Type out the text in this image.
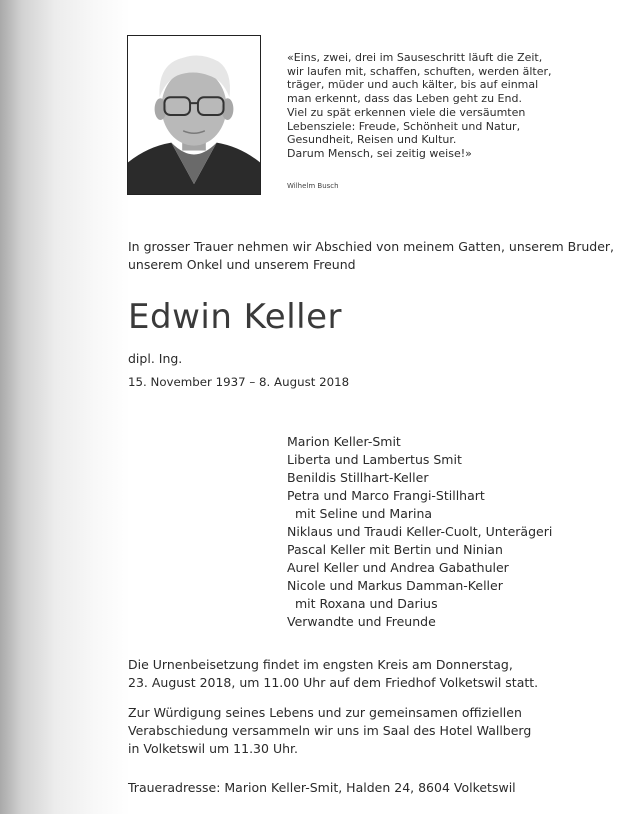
«Eins, zwei, drei im Sauseschritt läuft die Zeit,
wir laufen mit, schaffen, schuften, werden älter,
träger, müder und auch kälter, bis auf einmal
man erkennt, dass das Leben geht zu End.
Viel zu spät erkennen viele die versäumten
Lebensziele: Freude, Schönheit und Natur,
Gesundheit, Reisen und Kultur.
Darum Mensch, sei zeitig weise!»
Wilhelm Busch
In grosser Trauer nehmen wir Abschied von meinem Gatten, unserem Bruder,
unserem Onkel und unserem Freund
Edwin Keller
dipl. Ing.
15. November 1937 – 8. August 2018
Marion Keller-Smit
Liberta und Lambertus Smit
Benildis Stillhart-Keller
Petra und Marco Frangi-Stillhart
mit Seline und Marina
Niklaus und Traudi Keller-Cuolt, Unterägeri
Pascal Keller mit Bertin und Ninian
Aurel Keller und Andrea Gabathuler
Nicole und Markus Damman-Keller
mit Roxana und Darius
Verwandte und Freunde
Die Urnenbeisetzung findet im engsten Kreis am Donnerstag,
23. August 2018, um 11.00 Uhr auf dem Friedhof Volketswil statt.
Zur Würdigung seines Lebens und zur gemeinsamen offiziellen
Verabschiedung versammeln wir uns im Saal des Hotel Wallberg
in Volketswil um 11.30 Uhr.
Traueradresse: Marion Keller-Smit, Halden 24, 8604 Volketswil
